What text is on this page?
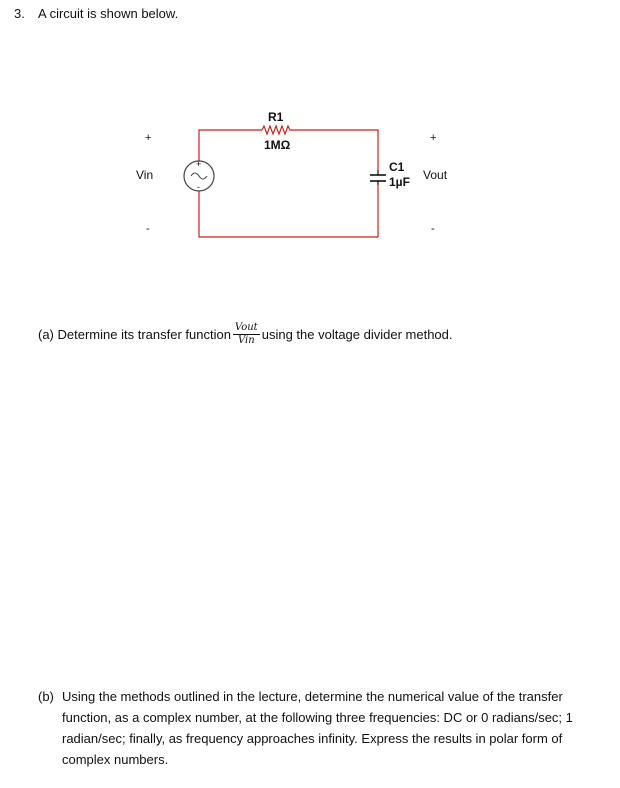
3. A circuit is shown below.
R1
1MΩ
C1
1µF
+
-
+
Vin
-
+
Vout
-
(a) Determine its transfer function $\frac{\text{Vout}}{\text{Vin}}$ using the voltage divider method.
(b) Using the methods outlined in the lecture, determine the numerical value of the transfer function, as a complex number, at the following three frequencies: DC or 0 radians/sec; 1 radian/sec; finally, as frequency approaches infinity. Express the results in polar form of complex numbers.
